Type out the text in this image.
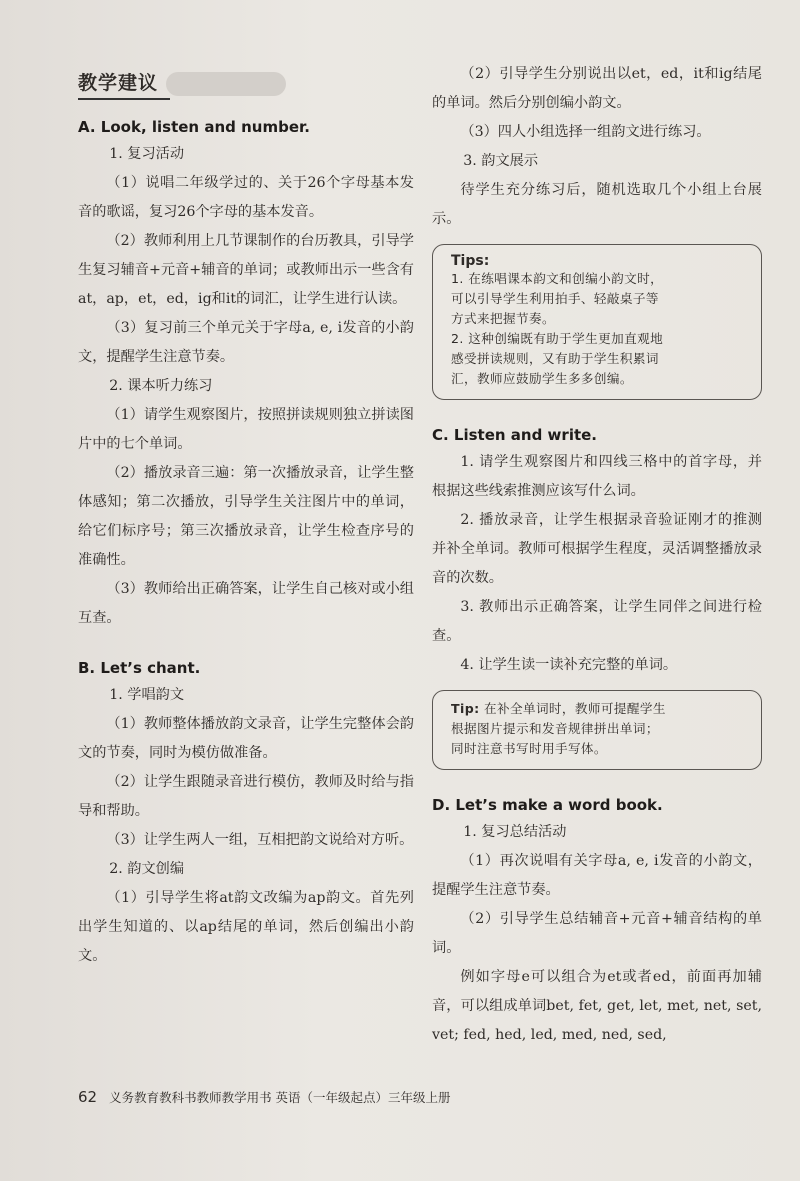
教学建议
A. Look, listen and number.

1. 复习活动

（1）说唱二年级学过的、关于26个字母基本发音的歌谣，复习26个字母的基本发音。

（2）教师利用上几节课制作的台历教具，引导学生复习辅音+元音+辅音的单词；或教师出示一些含有at，ap，et，ed，ig和it的词汇，让学生进行认读。

（3）复习前三个单元关于字母a, e, i发音的小韵文，提醒学生注意节奏。

2. 课本听力练习

（1）请学生观察图片，按照拼读规则独立拼读图片中的七个单词。

（2）播放录音三遍：第一次播放录音，让学生整体感知；第二次播放，引导学生关注图片中的单词，给它们标序号；第三次播放录音，让学生检查序号的准确性。

（3）教师给出正确答案，让学生自己核对或小组互查。

B. Let’s chant.

1. 学唱韵文

（1）教师整体播放韵文录音，让学生完整体会韵文的节奏，同时为模仿做准备。

（2）让学生跟随录音进行模仿，教师及时给与指导和帮助。

（3）让学生两人一组，互相把韵文说给对方听。

2. 韵文创编

（1）引导学生将at韵文改编为ap韵文。首先列出学生知道的、以ap结尾的单词，然后创编出小韵文。

（2）引导学生分别说出以et，ed，it和ig结尾的单词。然后分别创编小韵文。

（3）四人小组选择一组韵文进行练习。

3. 韵文展示

待学生充分练习后，随机选取几个小组上台展示。

Tips:
1. 在练唱课本韵文和创编小韵文时，
可以引导学生利用拍手、轻敲桌子等
方式来把握节奏。
2. 这种创编既有助于学生更加直观地
感受拼读规则，又有助于学生积累词
汇，教师应鼓励学生多多创编。
C. Listen and write.

1. 请学生观察图片和四线三格中的首字母，并根据这些线索推测应该写什么词。

2. 播放录音，让学生根据录音验证刚才的推测并补全单词。教师可根据学生程度，灵活调整播放录音的次数。

3. 教师出示正确答案，让学生同伴之间进行检查。

4. 让学生读一读补充完整的单词。

Tip: 在补全单词时，教师可提醒学生
根据图片提示和发音规律拼出单词；
同时注意书写时用手写体。
D. Let’s make a word book.

1. 复习总结活动

（1）再次说唱有关字母a, e, i发音的小韵文，提醒学生注意节奏。

（2）引导学生总结辅音+元音+辅音结构的单词。

例如字母e可以组合为et或者ed，前面再加辅音，可以组成单词bet, fet, get, let, met, net, set, vet; fed, hed, led, med, ned, sed,

62 义务教育教科书教师教学用书 英语（一年级起点）三年级上册
